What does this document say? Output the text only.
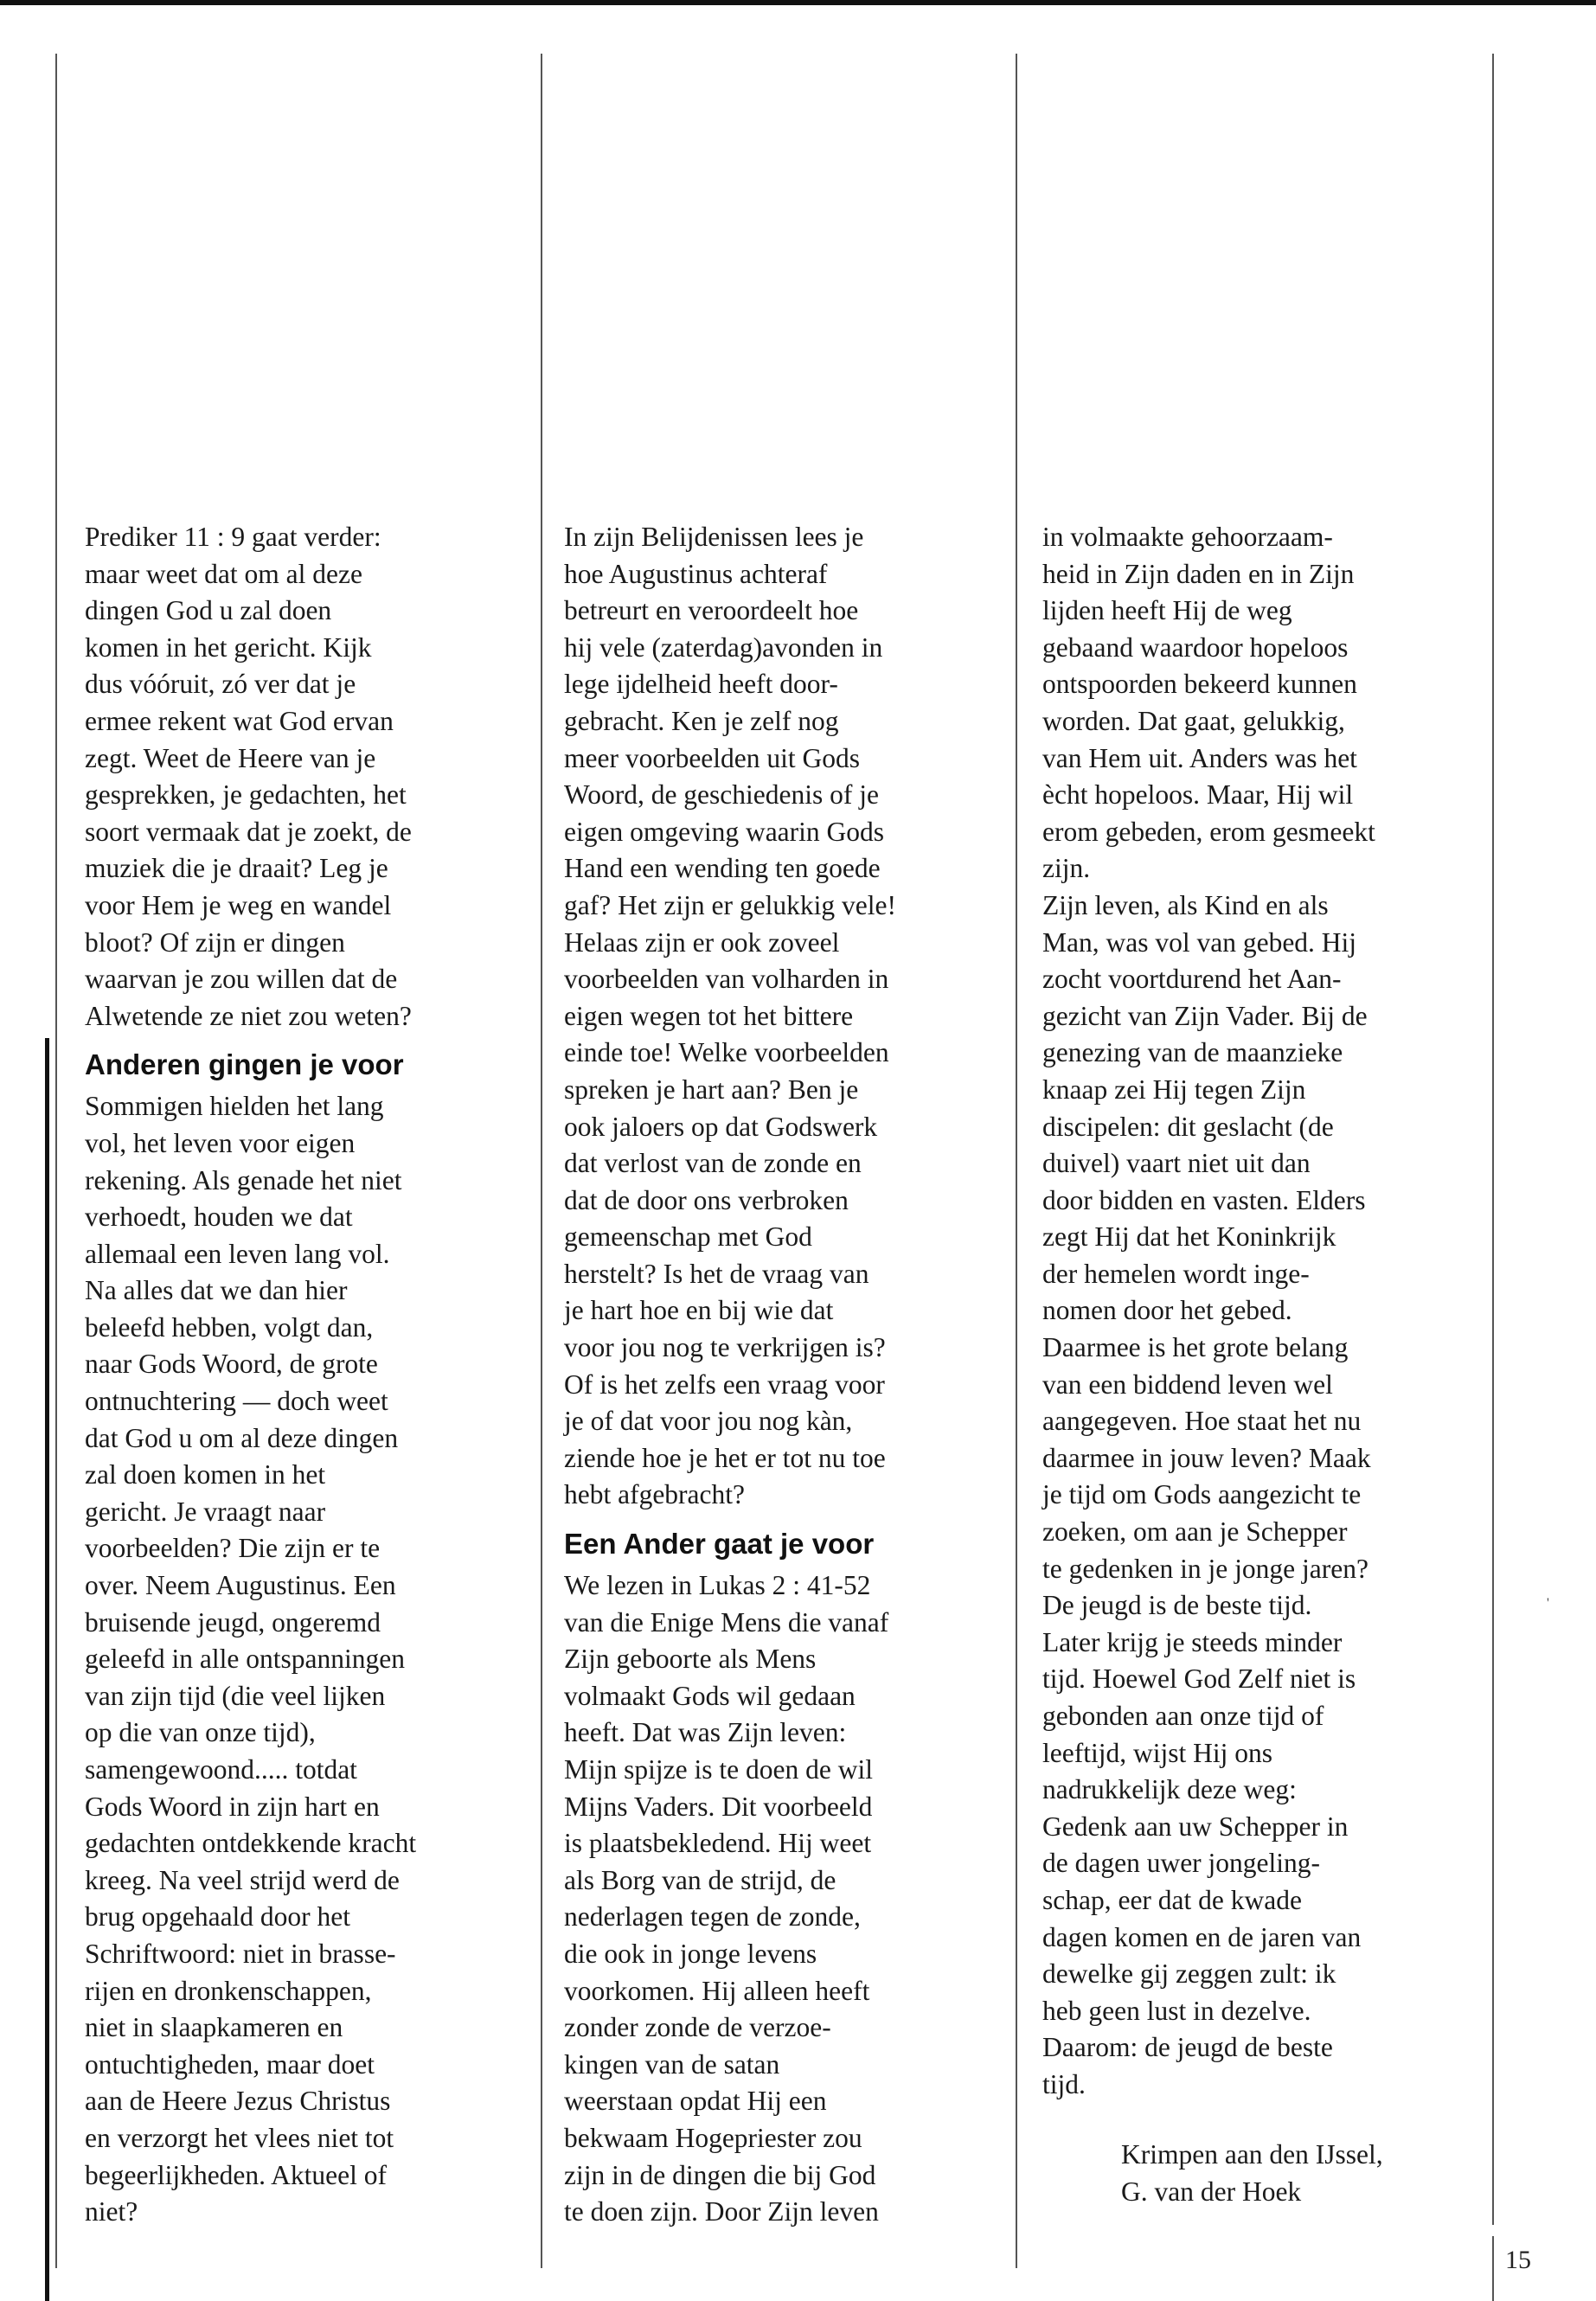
Prediker 11 : 9 gaat verder:
maar weet dat om al deze
dingen God u zal doen
komen in het gericht. Kijk
dus vóóruit, zó ver dat je
ermee rekent wat God ervan
zegt. Weet de Heere van je
gesprekken, je gedachten, het
soort vermaak dat je zoekt, de
muziek die je draait? Leg je
voor Hem je weg en wandel
bloot? Of zijn er dingen
waarvan je zou willen dat de
Alwetende ze niet zou weten?

Anderen gingen je voor

Sommigen hielden het lang
vol, het leven voor eigen
rekening. Als genade het niet
verhoedt, houden we dat
allemaal een leven lang vol.
Na alles dat we dan hier
beleefd hebben, volgt dan,
naar Gods Woord, de grote
ontnuchtering — doch weet
dat God u om al deze dingen
zal doen komen in het
gericht. Je vraagt naar
voorbeelden? Die zijn er te
over. Neem Augustinus. Een
bruisende jeugd, ongeremd
geleefd in alle ontspanningen
van zijn tijd (die veel lijken
op die van onze tijd),
samengewoond..... totdat
Gods Woord in zijn hart en
gedachten ontdekkende kracht
kreeg. Na veel strijd werd de
brug opgehaald door het
Schriftwoord: niet in brasse-
rijen en dronkenschappen,
niet in slaapkameren en
ontuchtigheden, maar doet
aan de Heere Jezus Christus
en verzorgt het vlees niet tot
begeerlijkheden. Aktueel of
niet?

In zijn Belijdenissen lees je
hoe Augustinus achteraf
betreurt en veroordeelt hoe
hij vele (zaterdag)avonden in
lege ijdelheid heeft door-
gebracht. Ken je zelf nog
meer voorbeelden uit Gods
Woord, de geschiedenis of je
eigen omgeving waarin Gods
Hand een wending ten goede
gaf? Het zijn er gelukkig vele!
Helaas zijn er ook zoveel
voorbeelden van volharden in
eigen wegen tot het bittere
einde toe! Welke voorbeelden
spreken je hart aan? Ben je
ook jaloers op dat Godswerk
dat verlost van de zonde en
dat de door ons verbroken
gemeenschap met God
herstelt? Is het de vraag van
je hart hoe en bij wie dat
voor jou nog te verkrijgen is?
Of is het zelfs een vraag voor
je of dat voor jou nog kàn,
ziende hoe je het er tot nu toe
hebt afgebracht?

Een Ander gaat je voor

We lezen in Lukas 2 : 41-52
van die Enige Mens die vanaf
Zijn geboorte als Mens
volmaakt Gods wil gedaan
heeft. Dat was Zijn leven:
Mijn spijze is te doen de wil
Mijns Vaders. Dit voorbeeld
is plaatsbekledend. Hij weet
als Borg van de strijd, de
nederlagen tegen de zonde,
die ook in jonge levens
voorkomen. Hij alleen heeft
zonder zonde de verzoe-
kingen van de satan
weerstaan opdat Hij een
bekwaam Hogepriester zou
zijn in de dingen die bij God
te doen zijn. Door Zijn leven

in volmaakte gehoorzaam-
heid in Zijn daden en in Zijn
lijden heeft Hij de weg
gebaand waardoor hopeloos
ontspoorden bekeerd kunnen
worden. Dat gaat, gelukkig,
van Hem uit. Anders was het
ècht hopeloos. Maar, Hij wil
erom gebeden, erom gesmeekt
zijn.
Zijn leven, als Kind en als
Man, was vol van gebed. Hij
zocht voortdurend het Aan-
gezicht van Zijn Vader. Bij de
genezing van de maanzieke
knaap zei Hij tegen Zijn
discipelen: dit geslacht (de
duivel) vaart niet uit dan
door bidden en vasten. Elders
zegt Hij dat het Koninkrijk
der hemelen wordt inge-
nomen door het gebed.
Daarmee is het grote belang
van een biddend leven wel
aangegeven. Hoe staat het nu
daarmee in jouw leven? Maak
je tijd om Gods aangezicht te
zoeken, om aan je Schepper
te gedenken in je jonge jaren?
De jeugd is de beste tijd.
Later krijg je steeds minder
tijd. Hoewel God Zelf niet is
gebonden aan onze tijd of
leeftijd, wijst Hij ons
nadrukkelijk deze weg:
Gedenk aan uw Schepper in
de dagen uwer jongeling-
schap, eer dat de kwade
dagen komen en de jaren van
dewelke gij zeggen zult: ik
heb geen lust in dezelve.
Daarom: de jeugd de beste
tijd.

Krimpen aan den IJssel,
G. van der Hoek
15
'
